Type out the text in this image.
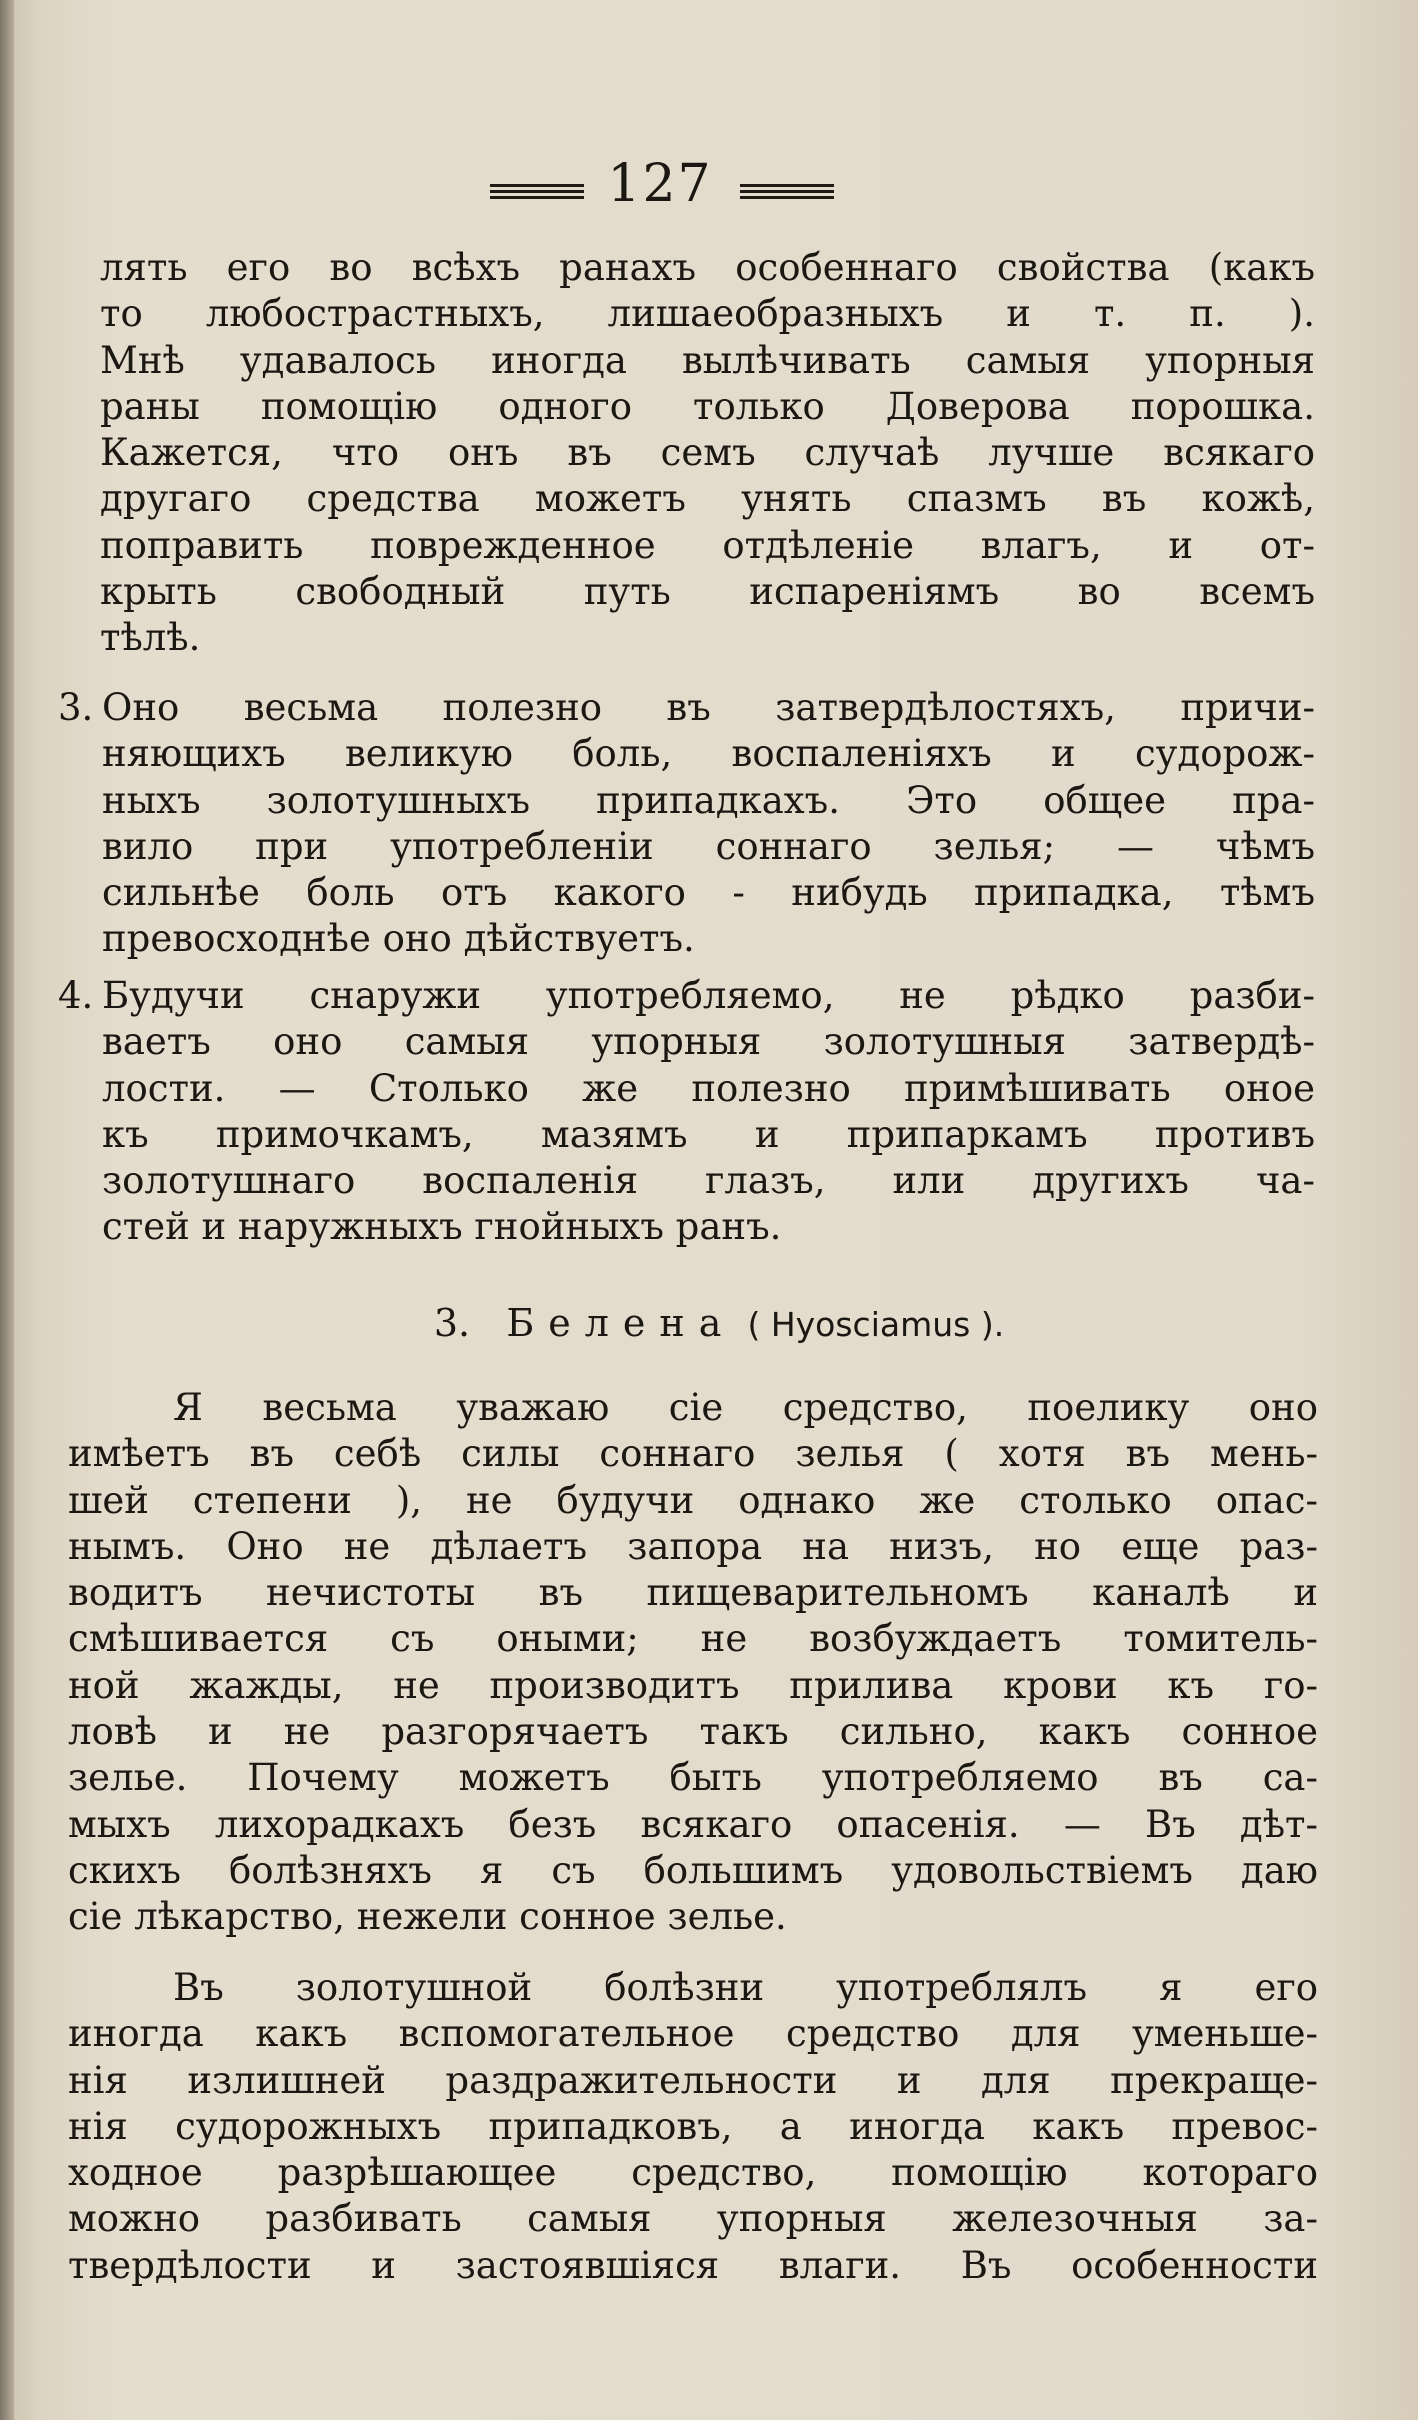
127
лять его во всѣхъ ранахъ особеннаго свойства (какъ
то любострастныхъ, лишаеобразныхъ и т. п. ).
Мнѣ удавалось иногда вылѣчивать самыя упорныя
раны помощію одного только Доверова порошка.
Кажется, что онъ въ семъ случаѣ лучше всякаго
другаго средства можетъ унять спазмъ въ кожѣ,
поправить поврежденное отдѣленіе влагъ, и от-
крыть свободный путь испареніямъ во всемъ
тѣлѣ.
3. Оно весьма полезно въ затвердѣлостяхъ, причи-
няющихъ великую боль, воспаленіяхъ и судорож-
ныхъ золотушныхъ припадкахъ. Это общее пра-
вило при употребленіи соннаго зелья; — чѣмъ
сильнѣе боль отъ какого - нибудь припадка, тѣмъ
превосходнѣе оно дѣйствуетъ.
4. Будучи снаружи употребляемо, не рѣдко разби-
ваетъ оно самыя упорныя золотушныя затвердѣ-
лости. — Столько же полезно примѣшивать оное
къ примочкамъ, мазямъ и припаркамъ противъ
золотушнаго воспаленія глазъ, или другихъ ча-
стей и наружныхъ гнойныхъ ранъ.
3. Белена ( Hyosciamus ).
Я весьма уважаю сіе средство, поелику оно
имѣетъ въ себѣ силы соннаго зелья ( хотя въ мень-
шей степени ), не будучи однако же столько опас-
нымъ. Оно не дѣлаетъ запора на низъ, но еще раз-
водитъ нечистоты въ пищеварительномъ каналѣ и
смѣшивается съ оными; не возбуждаетъ томитель-
ной жажды, не производитъ прилива крови къ го-
ловѣ и не разгорячаетъ такъ сильно, какъ сонное
зелье. Почему можетъ быть употребляемо въ са-
мыхъ лихорадкахъ безъ всякаго опасенія. — Въ дѣт-
скихъ болѣзняхъ я съ большимъ удовольствіемъ даю
сіе лѣкарство, нежели сонное зелье.
Въ золотушной болѣзни употреблялъ я его
иногда какъ вспомогательное средство для уменьше-
нія излишней раздражительности и для прекраще-
нія судорожныхъ припадковъ, а иногда какъ превос-
ходное разрѣшающее средство, помощію котораго
можно разбивать самыя упорныя железочныя за-
твердѣлости и застоявшіяся влаги. Въ особенности
